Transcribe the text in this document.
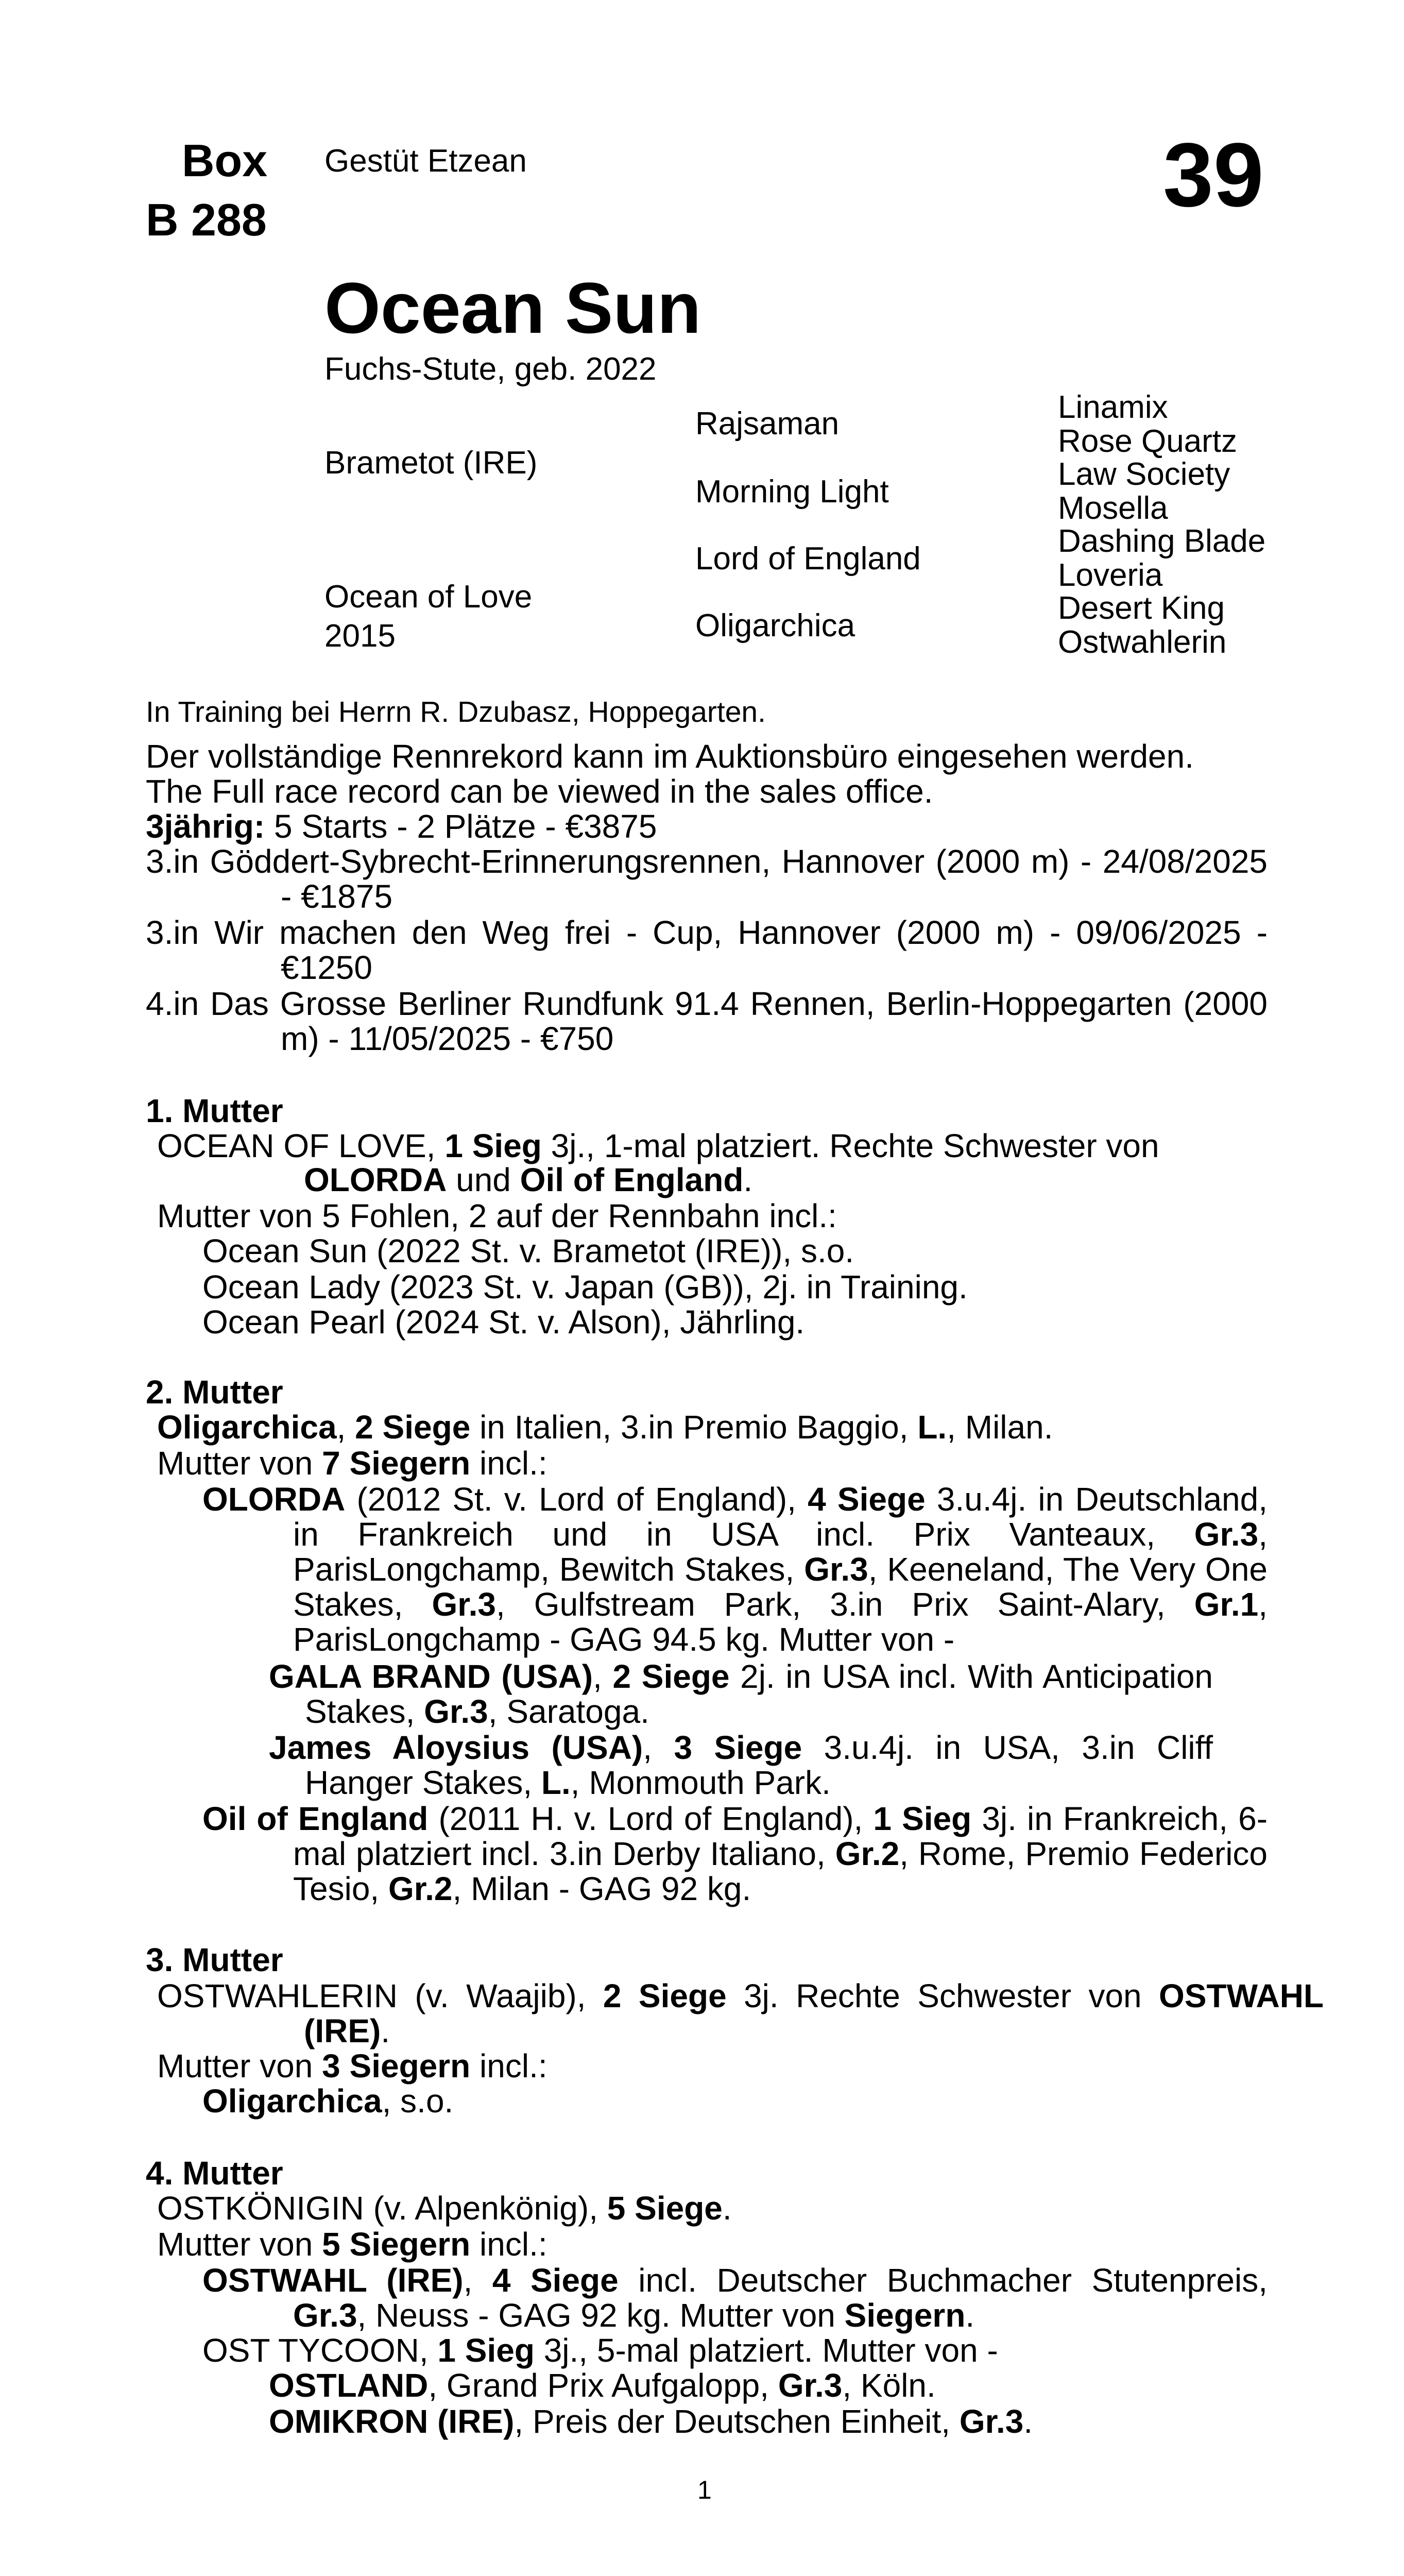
Box
B 288
Gestüt Etzean	39
Ocean Sun
Fuchs-Stute, geb. 2022
Brametot (IRE)
Ocean of Love
2015
Rajsaman
Morning Light
Lord of England
Oligarchica
Linamix
Rose Quartz
Law Society
Mosella
Dashing Blade
Loveria
Desert King
Ostwahlerin
In Training bei Herrn R. Dzubasz, Hoppegarten.
Der vollständige Rennrekord kann im Auktionsbüro eingesehen werden.
The Full race record can be viewed in the sales office.
3jährig: 5 Starts - 2 Plätze - €3875
3.in Göddert-Sybrecht-Erinnerungsrennen, Hannover (2000 m) - 24/08/2025 - €1875
3.in Wir machen den Weg frei - Cup, Hannover (2000 m) - 09/06/2025 - €1250
4.in Das Grosse Berliner Rundfunk 91.4 Rennen, Berlin-Hoppegarten (2000 m) - 11/05/2025 - €750
1. Mutter
OCEAN OF LOVE, 1 Sieg 3j., 1-mal platziert. Rechte Schwester von
OLORDA und Oil of England.
Mutter von 5 Fohlen, 2 auf der Rennbahn incl.:
Ocean Sun (2022 St. v. Brametot (IRE)), s.o.
Ocean Lady (2023 St. v. Japan (GB)), 2j. in Training.
Ocean Pearl (2024 St. v. Alson), Jährling.
2. Mutter
Oligarchica, 2 Siege in Italien, 3.in Premio Baggio, L., Milan.
Mutter von 7 Siegern incl.:
OLORDA (2012 St. v. Lord of England), 4 Siege 3.u.4j. in Deutschland, in Frankreich und in USA incl. Prix Vanteaux, Gr.3, ParisLongchamp, Bewitch Stakes, Gr.3, Keeneland, The Very One Stakes, Gr.3, Gulfstream Park, 3.in Prix Saint-Alary, Gr.1, ParisLongchamp - GAG 94.5 kg. Mutter von -
GALA BRAND (USA), 2 Siege 2j. in USA incl. With Anticipation Stakes, Gr.3, Saratoga.
James Aloysius (USA), 3 Siege 3.u.4j. in USA, 3.in Cliff Hanger Stakes, L., Monmouth Park.
Oil of England (2011 H. v. Lord of England), 1 Sieg 3j. in Frankreich, 6-mal platziert incl. 3.in Derby Italiano, Gr.2, Rome, Premio Federico Tesio, Gr.2, Milan - GAG 92 kg.
3. Mutter
OSTWAHLERIN (v. Waajib), 2 Siege 3j. Rechte Schwester von OSTWAHL (IRE).
Mutter von 3 Siegern incl.:
Oligarchica, s.o.
4. Mutter
OSTKÖNIGIN (v. Alpenkönig), 5 Siege.
Mutter von 5 Siegern incl.:
OSTWAHL (IRE), 4 Siege incl. Deutscher Buchmacher Stutenpreis, Gr.3, Neuss - GAG 92 kg. Mutter von Siegern.
OST TYCOON, 1 Sieg 3j., 5-mal platziert. Mutter von -
OSTLAND, Grand Prix Aufgalopp, Gr.3, Köln.
OMIKRON (IRE), Preis der Deutschen Einheit, Gr.3.
1
